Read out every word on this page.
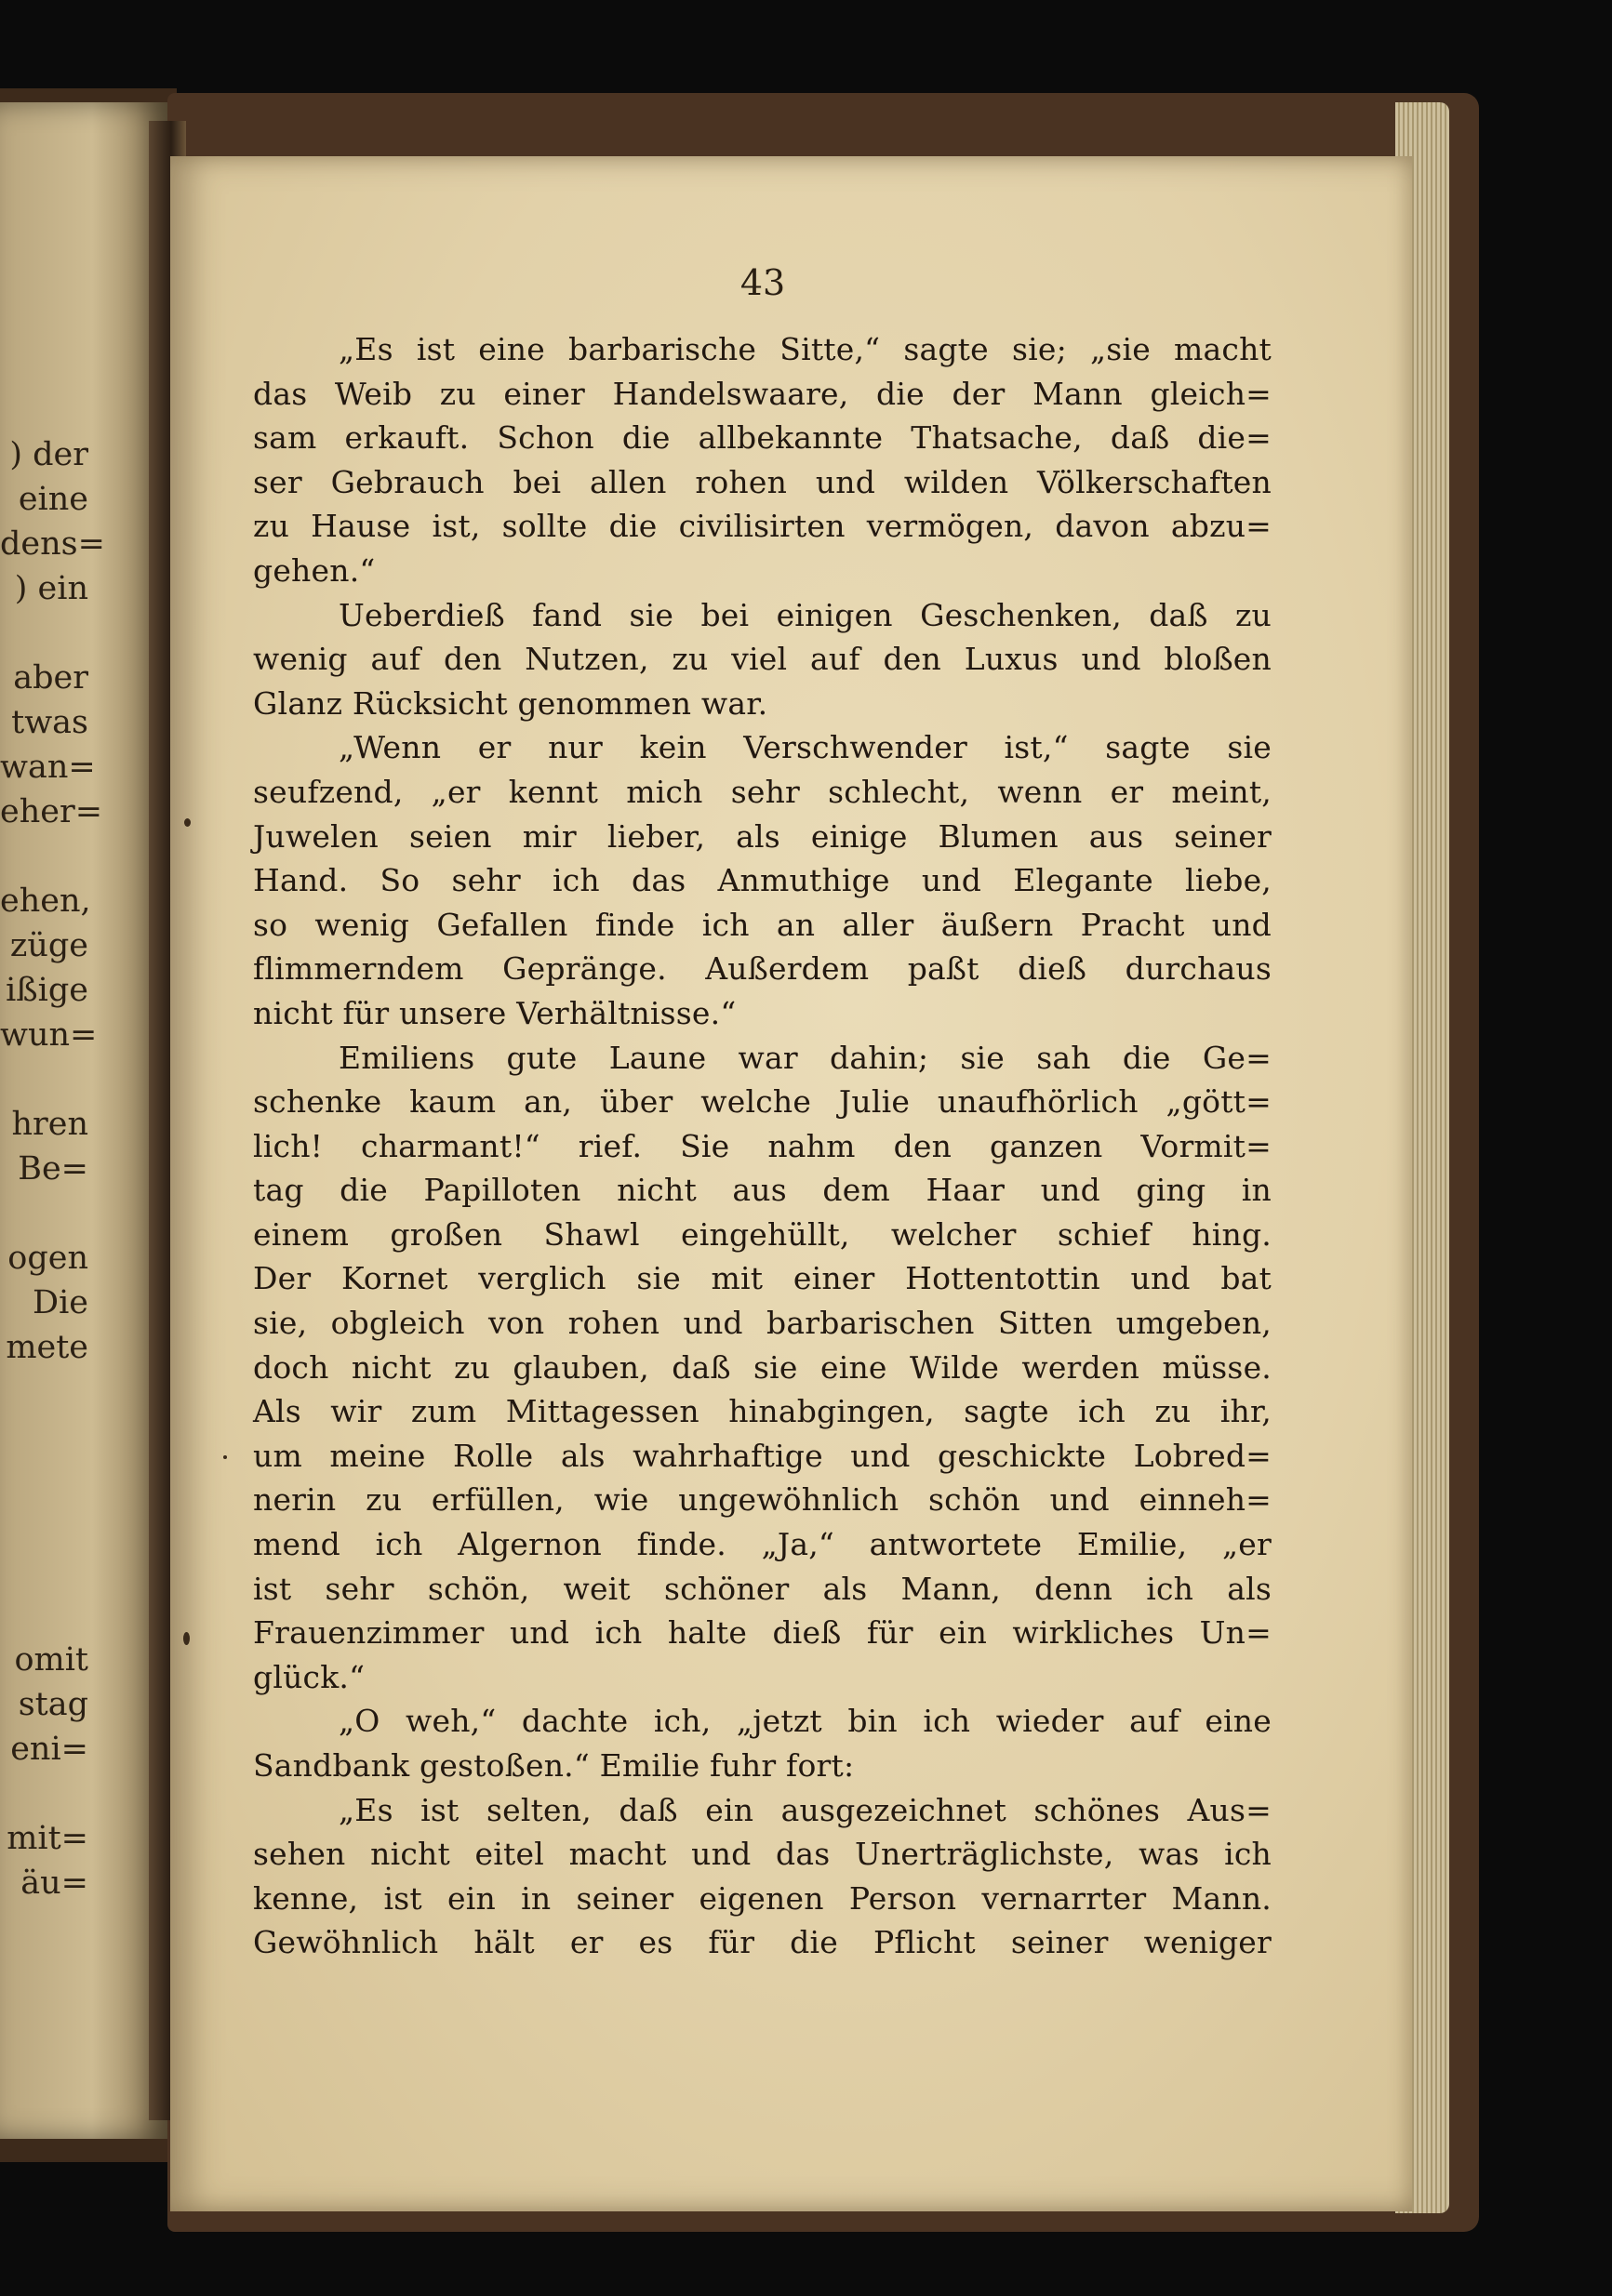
) der
eine
dens=
) ein
aber
twas
wan=
eher=
ehen,
züge
ißige
wun=
hren
Be=
ogen
Die
mete
omit
stag
eni=
mit=
äu=
43
„Es ist eine barbarische Sitte,“ sagte sie; „sie macht
das Weib zu einer Handelswaare, die der Mann gleich=
sam erkauft. Schon die allbekannte Thatsache, daß die=
ser Gebrauch bei allen rohen und wilden Völkerschaften
zu Hause ist, sollte die civilisirten vermögen, davon abzu=
gehen.“
Ueberdieß fand sie bei einigen Geschenken, daß zu
wenig auf den Nutzen, zu viel auf den Luxus und bloßen
Glanz Rücksicht genommen war.
„Wenn er nur kein Verschwender ist,“ sagte sie
seufzend, „er kennt mich sehr schlecht, wenn er meint,
Juwelen seien mir lieber, als einige Blumen aus seiner
Hand. So sehr ich das Anmuthige und Elegante liebe,
so wenig Gefallen finde ich an aller äußern Pracht und
flimmerndem Gepränge. Außerdem paßt dieß durchaus
nicht für unsere Verhältnisse.“
Emiliens gute Laune war dahin; sie sah die Ge=
schenke kaum an, über welche Julie unaufhörlich „gött=
lich! charmant!“ rief. Sie nahm den ganzen Vormit=
tag die Papilloten nicht aus dem Haar und ging in
einem großen Shawl eingehüllt, welcher schief hing.
Der Kornet verglich sie mit einer Hottentottin und bat
sie, obgleich von rohen und barbarischen Sitten umgeben,
doch nicht zu glauben, daß sie eine Wilde werden müsse.
Als wir zum Mittagessen hinabgingen, sagte ich zu ihr,
um meine Rolle als wahrhaftige und geschickte Lobred=
nerin zu erfüllen, wie ungewöhnlich schön und einneh=
mend ich Algernon finde. „Ja,“ antwortete Emilie, „er
ist sehr schön, weit schöner als Mann, denn ich als
Frauenzimmer und ich halte dieß für ein wirkliches Un=
glück.“
„O weh,“ dachte ich, „jetzt bin ich wieder auf eine
Sandbank gestoßen.“ Emilie fuhr fort:
„Es ist selten, daß ein ausgezeichnet schönes Aus=
sehen nicht eitel macht und das Unerträglichste, was ich
kenne, ist ein in seiner eigenen Person vernarrter Mann.
Gewöhnlich hält er es für die Pflicht seiner weniger
